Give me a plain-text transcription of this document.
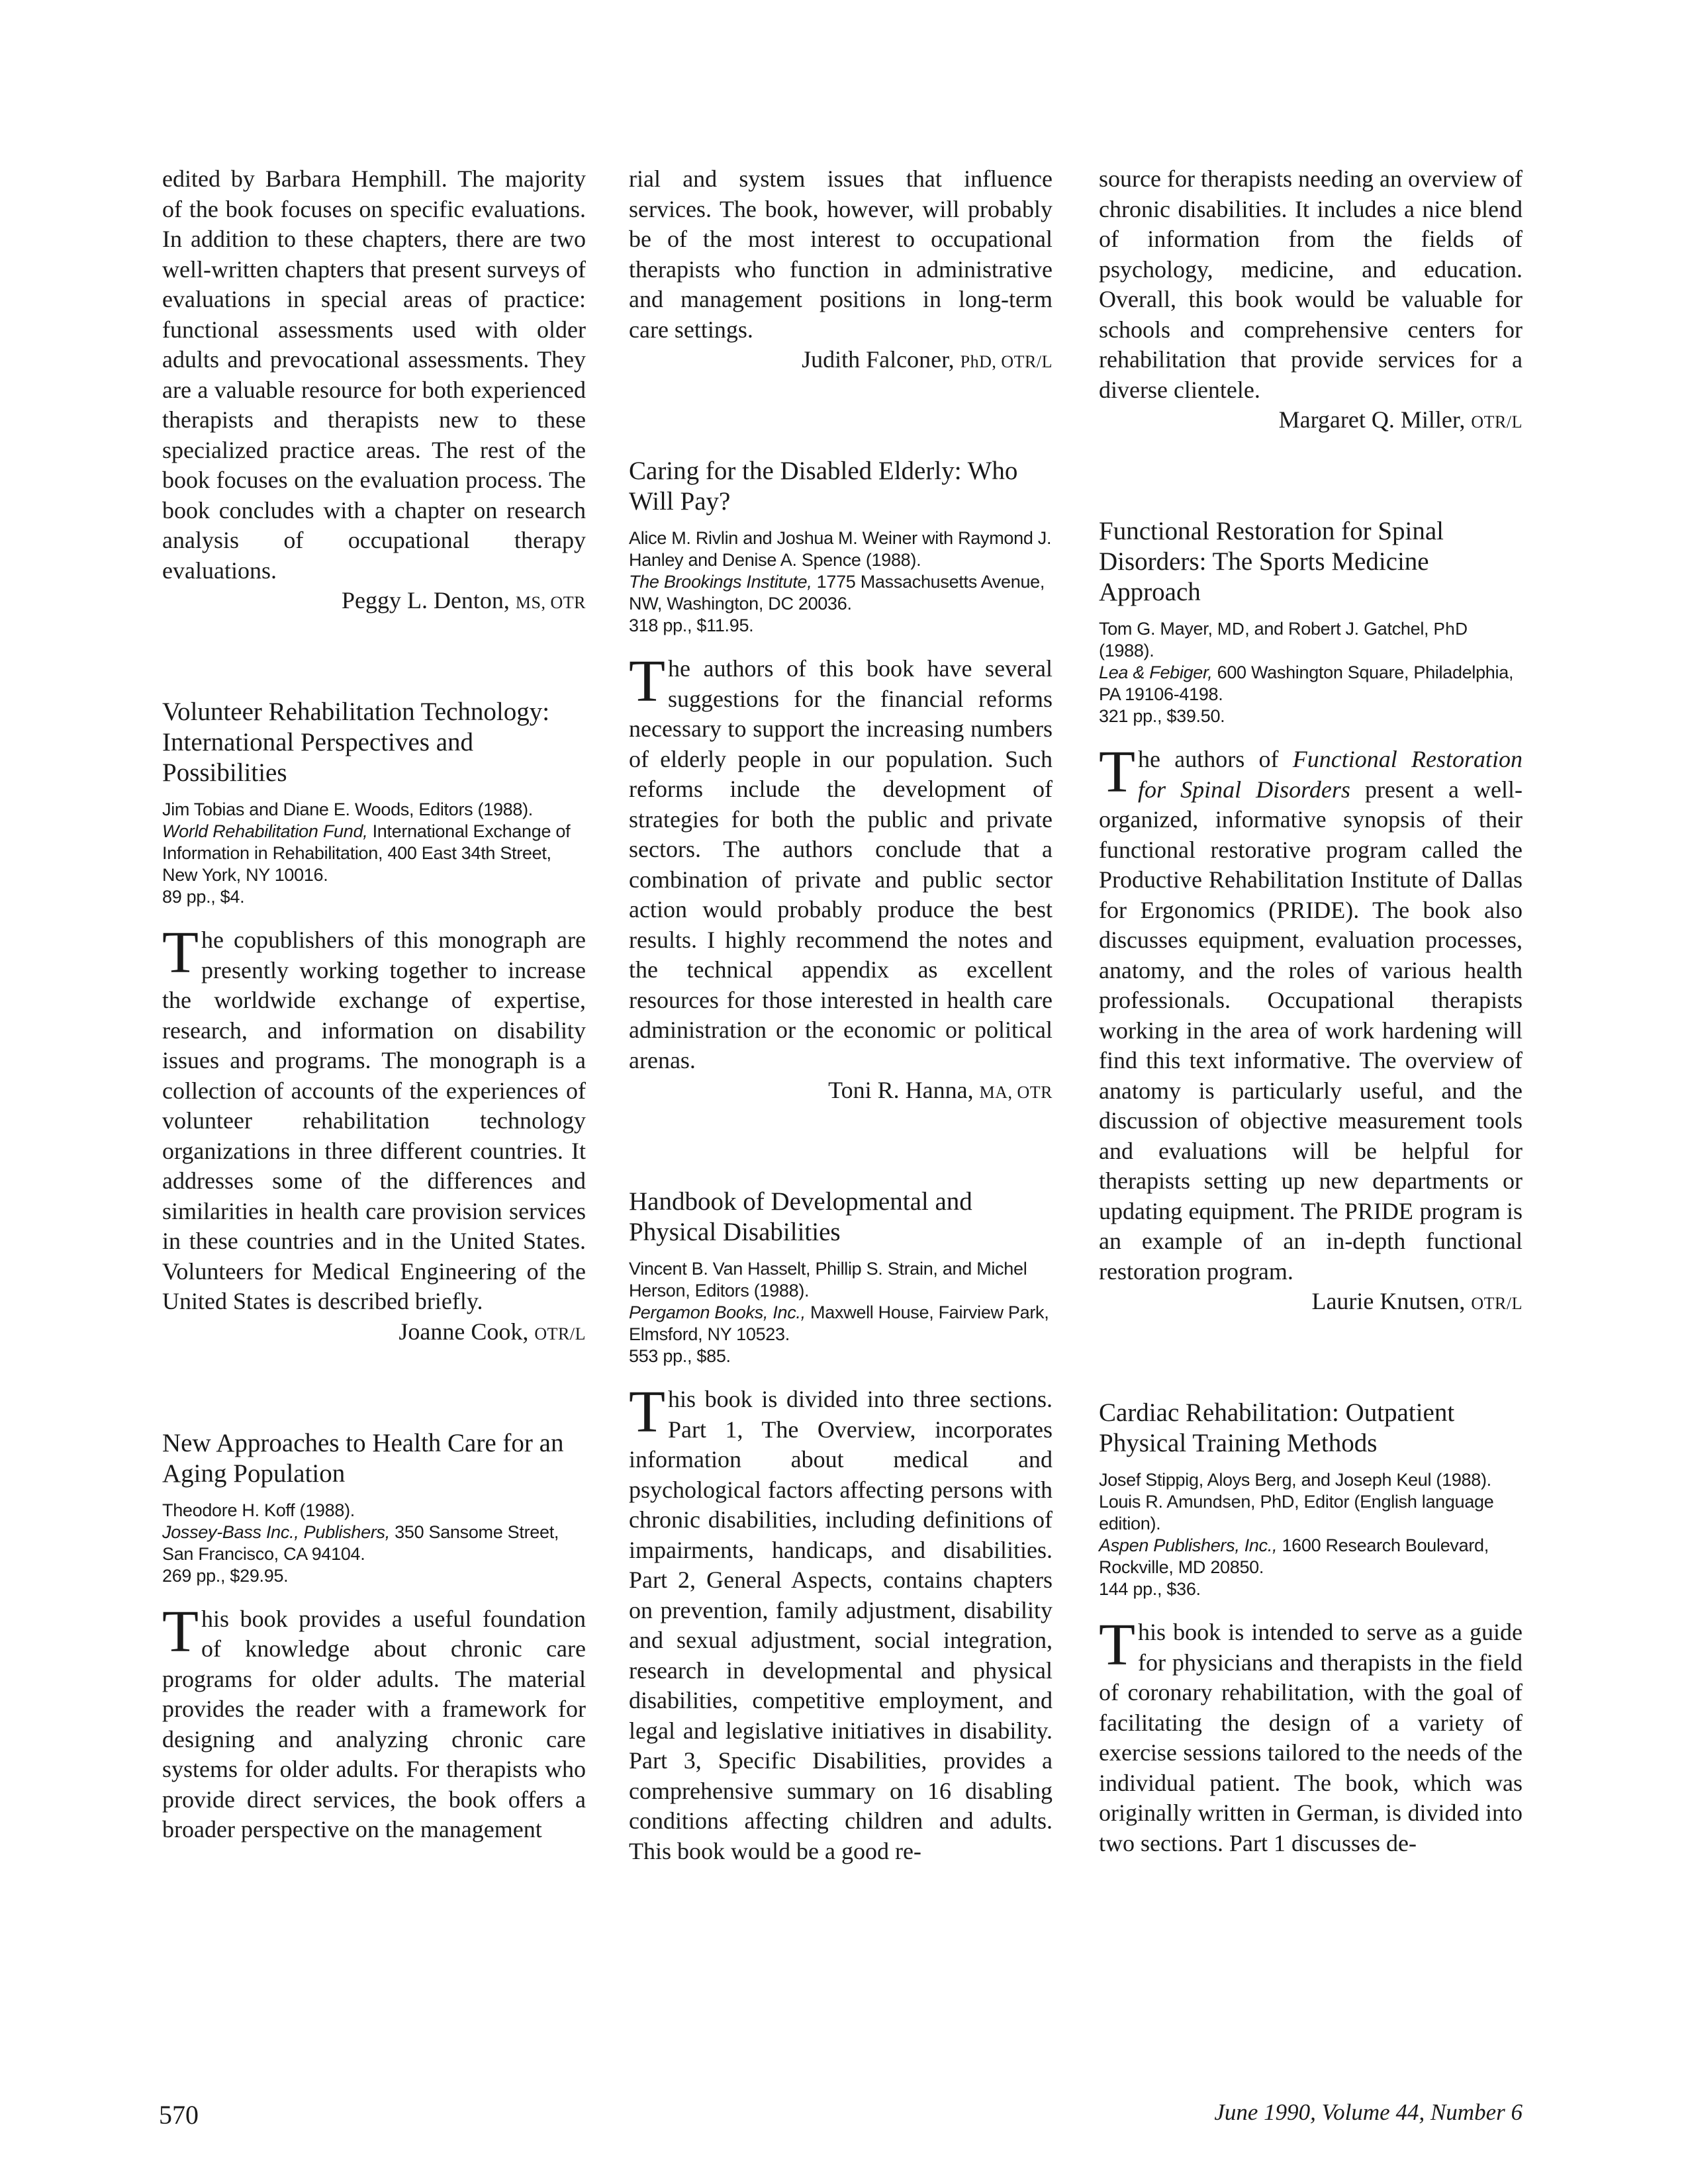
edited by Barbara Hemphill. The majority of the book focuses on specific evaluations. In addition to these chapters, there are two well-written chapters that present surveys of evaluations in special areas of practice: functional assessments used with older adults and prevocational assessments. They are a valuable resource for both experienced therapists and therapists new to these specialized practice areas. The rest of the book focuses on the evaluation process. The book concludes with a chapter on research analysis of occupational therapy evaluations.

Peggy L. Denton, MS, OTR

Volunteer Rehabilitation Technology: International Perspectives and Possibilities
Jim Tobias and Diane E. Woods, Editors (1988).
World Rehabilitation Fund, International Exchange of Information in Rehabilitation, 400 East 34th Street, New York, NY 10016.
89 pp., $4.

The copublishers of this monograph are presently working together to increase the worldwide exchange of expertise, research, and information on disability issues and programs. The monograph is a collection of accounts of the experiences of volunteer rehabilitation technology organizations in three different countries. It addresses some of the differences and similarities in health care provision services in these countries and in the United States. Volunteers for Medical Engineering of the United States is described briefly.

Joanne Cook, OTR/L

New Approaches to Health Care for an Aging Population
Theodore H. Koff (1988).
Jossey-Bass Inc., Publishers, 350 Sansome Street, San Francisco, CA 94104.
269 pp., $29.95.

This book provides a useful foundation of knowledge about chronic care programs for older adults. The material provides the reader with a framework for designing and analyzing chronic care systems for older adults. For therapists who provide direct services, the book offers a broader perspective on the management

rial and system issues that influence services. The book, however, will probably be of the most interest to occupational therapists who function in administrative and management positions in long-term care settings.

Judith Falconer, PhD, OTR/L

Caring for the Disabled Elderly: Who Will Pay?
Alice M. Rivlin and Joshua M. Weiner with Raymond J. Hanley and Denise A. Spence (1988).
The Brookings Institute, 1775 Massachusetts Avenue, NW, Washington, DC 20036.
318 pp., $11.95.

The authors of this book have several suggestions for the financial reforms necessary to support the increasing numbers of elderly people in our population. Such reforms include the development of strategies for both the public and private sectors. The authors conclude that a combination of private and public sector action would probably produce the best results. I highly recommend the notes and the technical appendix as excellent resources for those interested in health care administration or the economic or political arenas.

Toni R. Hanna, MA, OTR

Handbook of Developmental and Physical Disabilities
Vincent B. Van Hasselt, Phillip S. Strain, and Michel Herson, Editors (1988).
Pergamon Books, Inc., Maxwell House, Fairview Park, Elmsford, NY 10523.
553 pp., $85.

This book is divided into three sections. Part 1, The Overview, incorporates information about medical and psychological factors affecting persons with chronic disabilities, including definitions of impairments, handicaps, and disabilities. Part 2, General Aspects, contains chapters on prevention, family adjustment, disability and sexual adjustment, social integration, research in developmental and physical disabilities, competitive employment, and legal and legislative initiatives in disability. Part 3, Specific Disabilities, provides a comprehensive summary on 16 disabling conditions affecting children and adults. This book would be a good re-

source for therapists needing an overview of chronic disabilities. It includes a nice blend of information from the fields of psychology, medicine, and education. Overall, this book would be valuable for schools and comprehensive centers for rehabilitation that provide services for a diverse clientele.

Margaret Q. Miller, OTR/L

Functional Restoration for Spinal Disorders: The Sports Medicine Approach
Tom G. Mayer, MD, and Robert J. Gatchel, PhD (1988).
Lea & Febiger, 600 Washington Square, Philadelphia, PA 19106-4198.
321 pp., $39.50.

The authors of Functional Restoration for Spinal Disorders present a well-organized, informative synopsis of their functional restorative program called the Productive Rehabilitation Institute of Dallas for Ergonomics (PRIDE). The book also discusses equipment, evaluation processes, anatomy, and the roles of various health professionals. Occupational therapists working in the area of work hardening will find this text informative. The overview of anatomy is particularly useful, and the discussion of objective measurement tools and evaluations will be helpful for therapists setting up new departments or updating equipment. The PRIDE program is an example of an in-depth functional restoration program.

Laurie Knutsen, OTR/L

Cardiac Rehabilitation: Outpatient Physical Training Methods
Josef Stippig, Aloys Berg, and Joseph Keul (1988). Louis R. Amundsen, PhD, Editor (English language edition).
Aspen Publishers, Inc., 1600 Research Boulevard, Rockville, MD 20850.
144 pp., $36.

This book is intended to serve as a guide for physicians and therapists in the field of coronary rehabilitation, with the goal of facilitating the design of a variety of exercise sessions tailored to the needs of the individual patient. The book, which was originally written in German, is divided into two sections. Part 1 discusses de-

570	June 1990, Volume 44, Number 6
